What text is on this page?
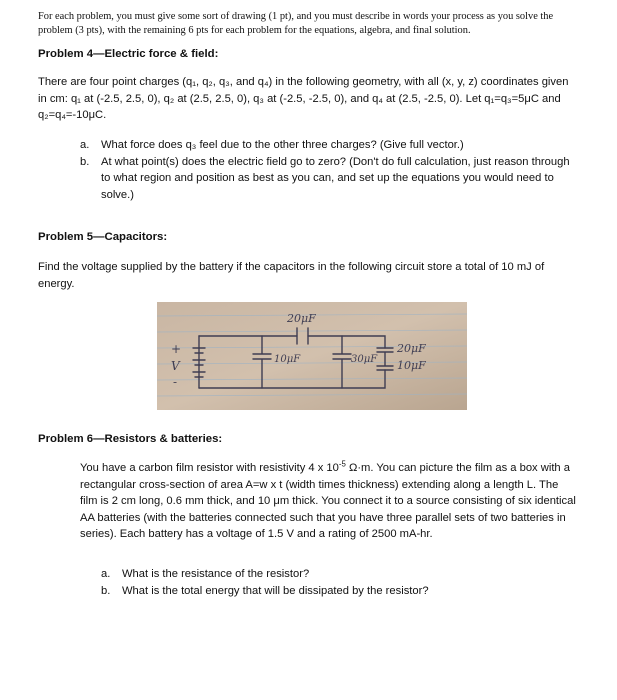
For each problem, you must give some sort of drawing (1 pt), and you must describe in words your process as you solve the problem (3 pts), with the remaining 6 pts for each problem for the equations, algebra, and final solution.
Problem 4—Electric force & field:
There are four point charges (q₁, q₂, q₃, and q₄) in the following geometry, with all (x, y, z) coordinates given in cm: q₁ at (-2.5, 2.5, 0), q₂ at (2.5, 2.5, 0), q₃ at (-2.5, -2.5, 0), and q₄ at (2.5, -2.5, 0). Let q₁=q₃=5μC and q₂=q₄=-10μC.
a. What force does q₃ feel due to the other three charges? (Give full vector.)
b. At what point(s) does the electric field go to zero? (Don't do full calculation, just reason through to what region and position as best as you can, and set up the equations you would need to solve.)
Problem 5—Capacitors:
Find the voltage supplied by the battery if the capacitors in the following circuit store a total of 10 mJ of energy.
20μF
10μF	30μF
20μF
10μF
+
V
-
Problem 6—Resistors & batteries:
You have a carbon film resistor with resistivity 4 x $10^{-5}$ Ω·m. You can picture the film as a box with a rectangular cross-section of area A=w x t (width times thickness) extending along a length L. The film is 2 cm long, 0.6 mm thick, and 10 μm thick. You connect it to a source consisting of six identical AA batteries (with the batteries connected such that you have three parallel sets of two batteries in series). Each battery has a voltage of 1.5 V and a rating of 2500 mA-hr.
a. What is the resistance of the resistor?
b. What is the total energy that will be dissipated by the resistor?
